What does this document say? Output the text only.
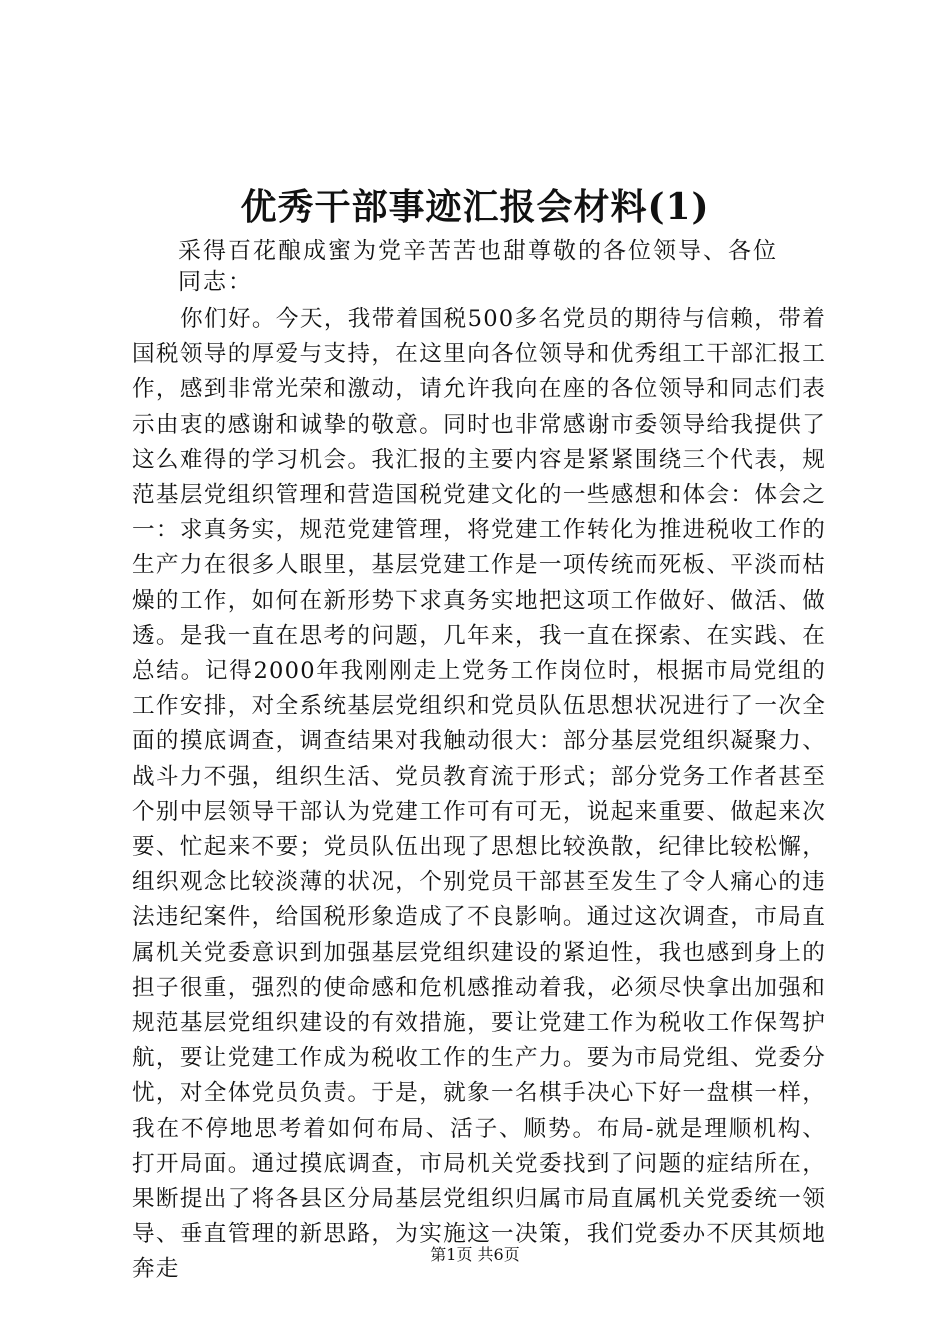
优秀干部事迹汇报会材料(1)

采得百花酿成蜜为党辛苦苦也甜尊敬的各位领导、各位同志：

你们好。今天，我带着国税500多名党员的期待与信赖，带着国税领导的厚爱与支持，在这里向各位领导和优秀组工干部汇报工作，感到非常光荣和激动，请允许我向在座的各位领导和同志们表示由衷的感谢和诚挚的敬意。同时也非常感谢市委领导给我提供了这么难得的学习机会。我汇报的主要内容是紧紧围绕三个代表，规范基层党组织管理和营造国税党建文化的一些感想和体会：体会之一：求真务实，规范党建管理，将党建工作转化为推进税收工作的生产力在很多人眼里，基层党建工作是一项传统而死板、平淡而枯燥的工作，如何在新形势下求真务实地把这项工作做好、做活、做透。是我一直在思考的问题，几年来，我一直在探索、在实践、在总结。记得2000年我刚刚走上党务工作岗位时，根据市局党组的工作安排，对全系统基层党组织和党员队伍思想状况进行了一次全面的摸底调查，调查结果对我触动很大：部分基层党组织凝聚力、战斗力不强，组织生活、党员教育流于形式；部分党务工作者甚至个别中层领导干部认为党建工作可有可无，说起来重要、做起来次要、忙起来不要；党员队伍出现了思想比较涣散，纪律比较松懈，组织观念比较淡薄的状况，个别党员干部甚至发生了令人痛心的违法违纪案件，给国税形象造成了不良影响。通过这次调查，市局直属机关党委意识到加强基层党组织建设的紧迫性，我也感到身上的担子很重，强烈的使命感和危机感推动着我，必须尽快拿出加强和规范基层党组织建设的有效措施，要让党建工作为税收工作保驾护航，要让党建工作成为税收工作的生产力。要为市局党组、党委分忧，对全体党员负责。于是，就象一名棋手决心下好一盘棋一样，我在不停地思考着如何布局、活子、顺势。布局-就是理顺机构、打开局面。通过摸底调查，市局机关党委找到了问题的症结所在，果断提出了将各县区分局基层党组织归属市局直属机关党委统一领导、垂直管理的新思路，为实施这一决策，我们党委办不厌其烦地奔走

第1页 共6页
